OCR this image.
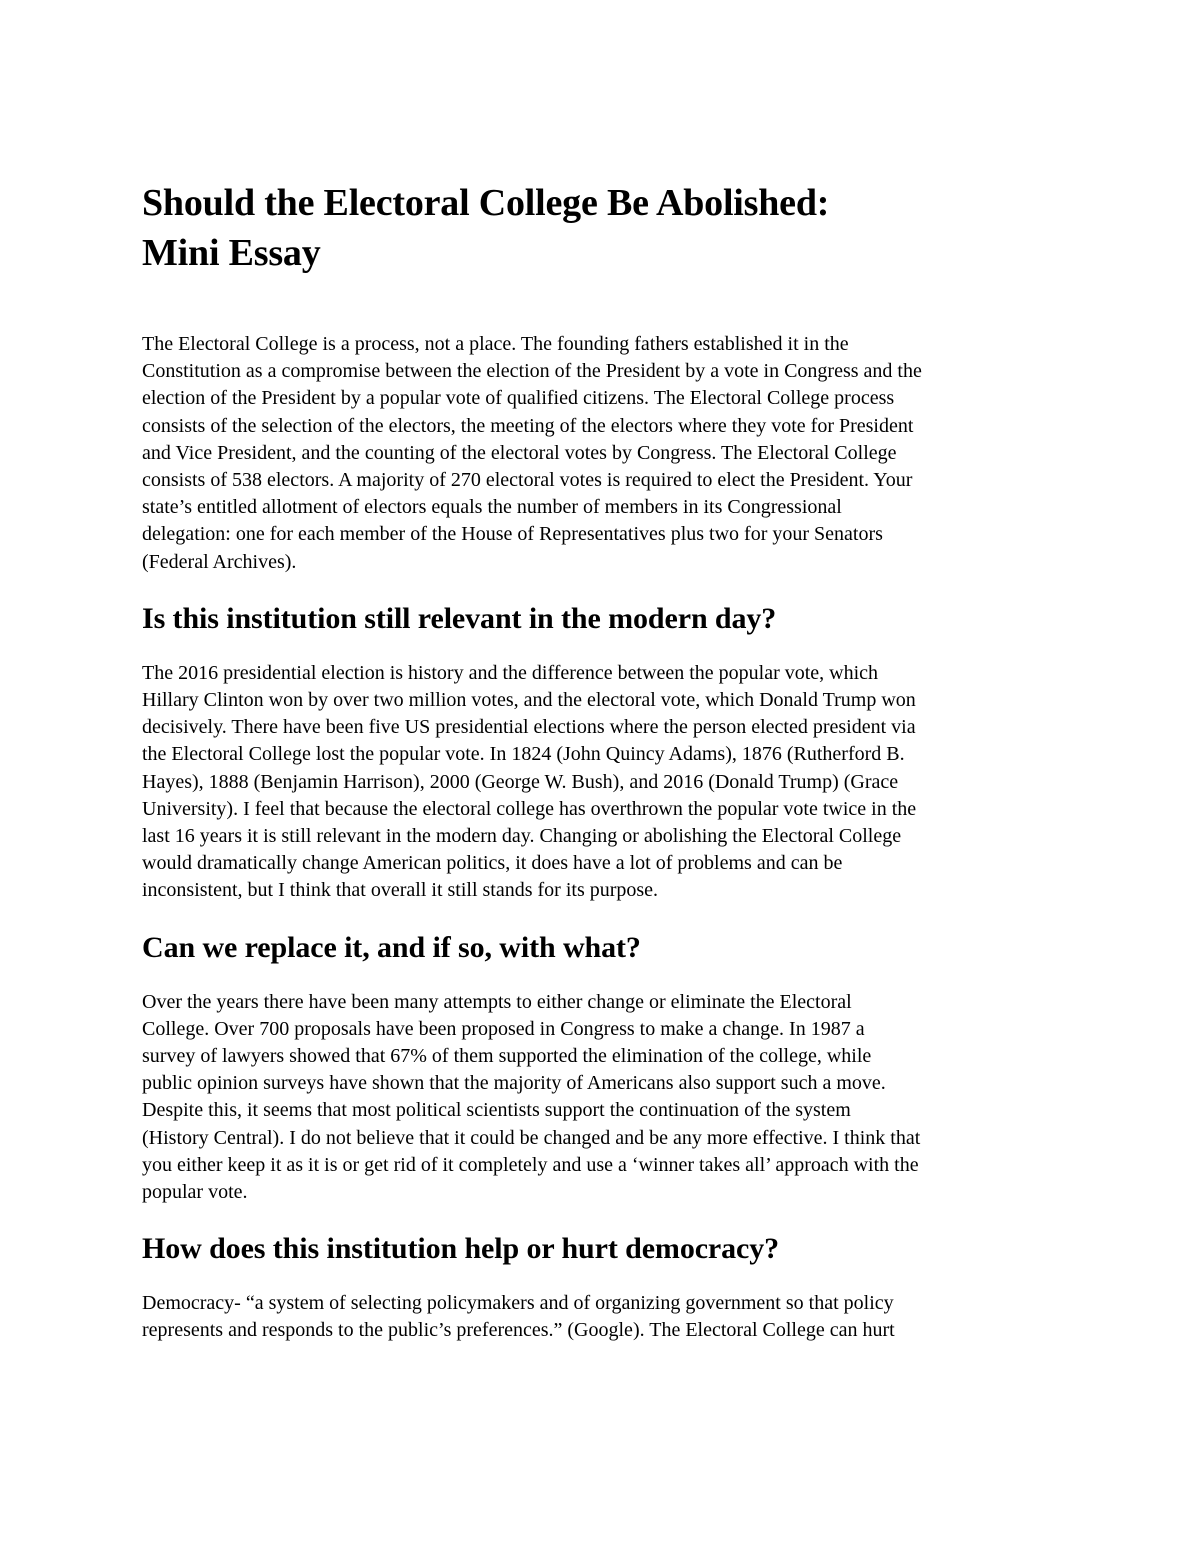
Should the Electoral College Be Abolished:
Mini Essay
The Electoral College is a process, not a place. The founding fathers established it in the
Constitution as a compromise between the election of the President by a vote in Congress and the
election of the President by a popular vote of qualified citizens. The Electoral College process
consists of the selection of the electors, the meeting of the electors where they vote for President
and Vice President, and the counting of the electoral votes by Congress. The Electoral College
consists of 538 electors. A majority of 270 electoral votes is required to elect the President. Your
state’s entitled allotment of electors equals the number of members in its Congressional
delegation: one for each member of the House of Representatives plus two for your Senators
(Federal Archives).
Is this institution still relevant in the modern day?
The 2016 presidential election is history and the difference between the popular vote, which
Hillary Clinton won by over two million votes, and the electoral vote, which Donald Trump won
decisively. There have been five US presidential elections where the person elected president via
the Electoral College lost the popular vote. In 1824 (John Quincy Adams), 1876 (Rutherford B.
Hayes), 1888 (Benjamin Harrison), 2000 (George W. Bush), and 2016 (Donald Trump) (Grace
University). I feel that because the electoral college has overthrown the popular vote twice in the
last 16 years it is still relevant in the modern day. Changing or abolishing the Electoral College
would dramatically change American politics, it does have a lot of problems and can be
inconsistent, but I think that overall it still stands for its purpose.
Can we replace it, and if so, with what?
Over the years there have been many attempts to either change or eliminate the Electoral
College. Over 700 proposals have been proposed in Congress to make a change. In 1987 a
survey of lawyers showed that 67% of them supported the elimination of the college, while
public opinion surveys have shown that the majority of Americans also support such a move.
Despite this, it seems that most political scientists support the continuation of the system
(History Central). I do not believe that it could be changed and be any more effective. I think that
you either keep it as it is or get rid of it completely and use a ‘winner takes all’ approach with the
popular vote.
How does this institution help or hurt democracy?
Democracy- “a system of selecting policymakers and of organizing government so that policy
represents and responds to the public’s preferences.” (Google). The Electoral College can hurt
